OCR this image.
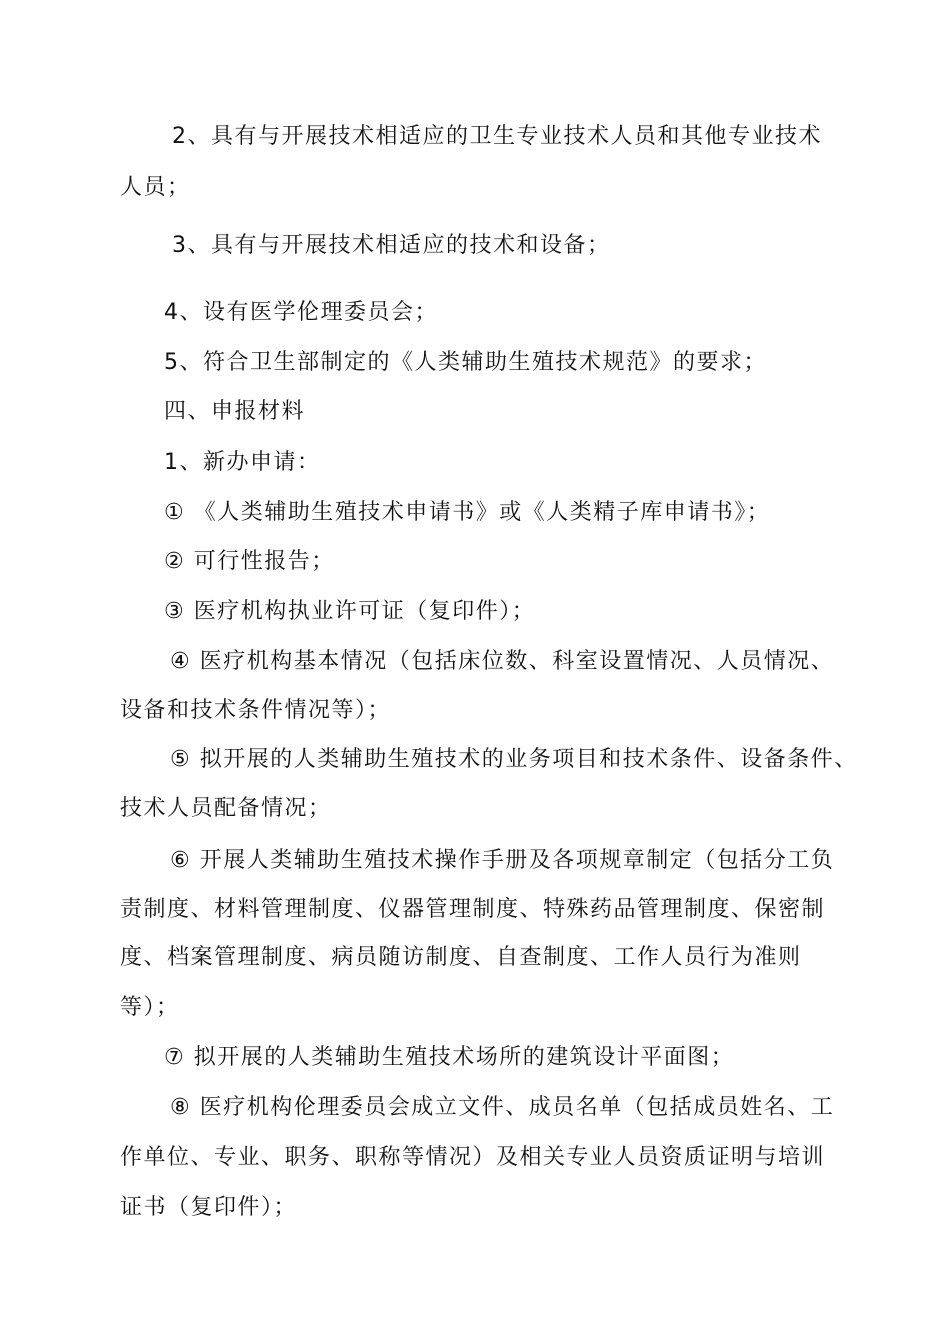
2、具有与开展技术相适应的卫生专业技术人员和其他专业技术
人员；
3、具有与开展技术相适应的技术和设备；
4、设有医学伦理委员会；
5、符合卫生部制定的《人类辅助生殖技术规范》的要求；
四、申报材料
1、新办申请：
① 《人类辅助生殖技术申请书》或《人类精子库申请书》；
② 可行性报告；
③ 医疗机构执业许可证（复印件）；
④ 医疗机构基本情况（包括床位数、科室设置情况、人员情况、
设备和技术条件情况等）；
⑤ 拟开展的人类辅助生殖技术的业务项目和技术条件、设备条件、
技术人员配备情况；
⑥ 开展人类辅助生殖技术操作手册及各项规章制定（包括分工负
责制度、材料管理制度、仪器管理制度、特殊药品管理制度、保密制
度、档案管理制度、病员随访制度、自查制度、工作人员行为准则
等）；
⑦ 拟开展的人类辅助生殖技术场所的建筑设计平面图；
⑧ 医疗机构伦理委员会成立文件、成员名单（包括成员姓名、工
作单位、专业、职务、职称等情况）及相关专业人员资质证明与培训
证书（复印件）；
